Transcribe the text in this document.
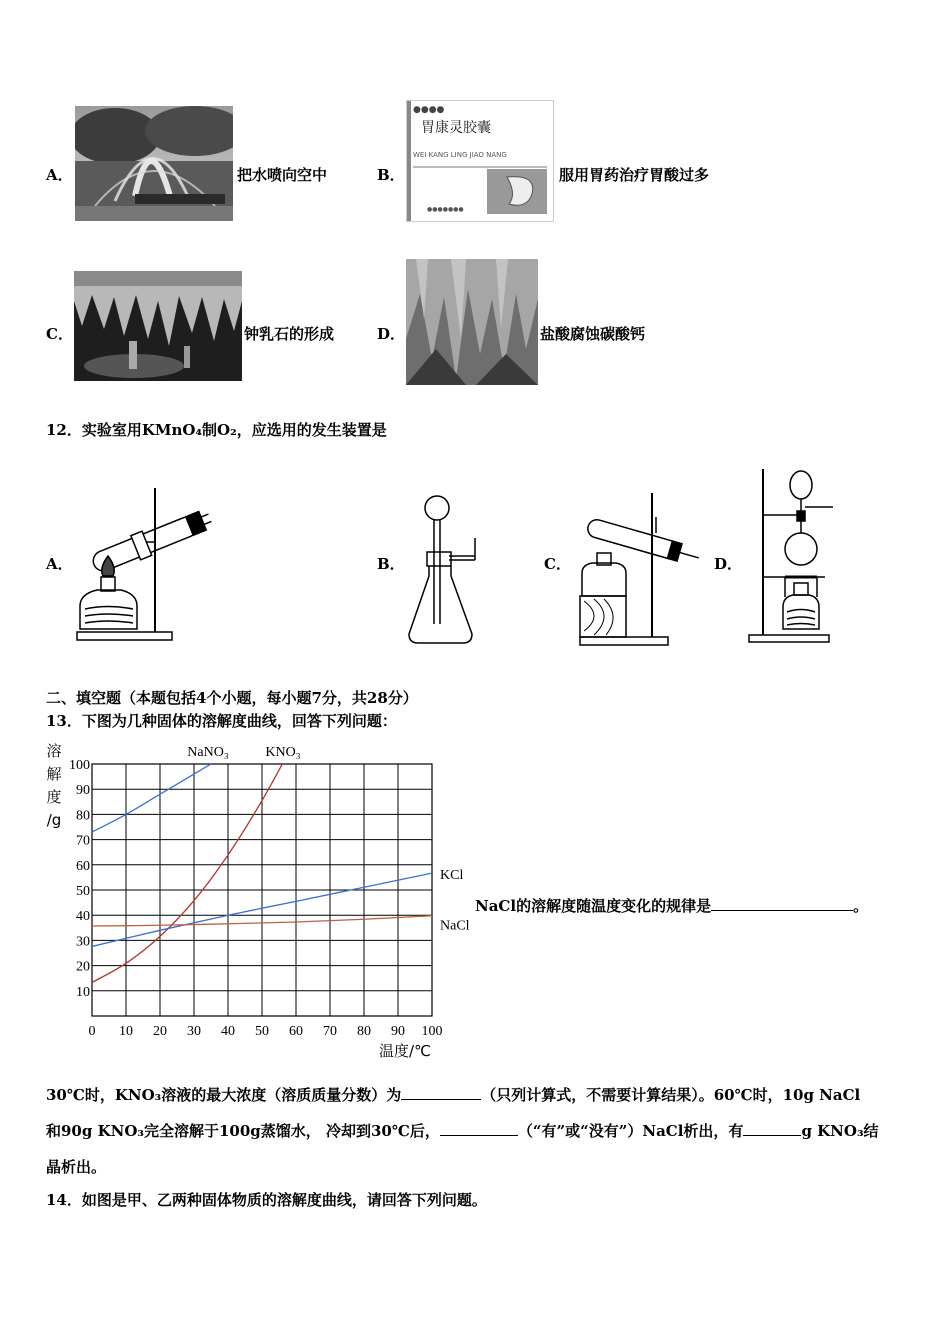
A．	把水喷向空中	B．
●●●●
胃康灵胶囊
WEI KANG LING JIAO NANG
●●●●●●●
服用胃药治疗胃酸过多
C．	钟乳石的形成	D．	盐酸腐蚀碳酸钙
12．实验室用KMnO₄制O₂，应选用的发生装置是
A．	B．	C．	D．
二、填空题（本题包括4个小题，每小题7分，共28分）
13．下图为几种固体的溶解度曲线，回答下列问题：
0 10 20 30 40 50 60 70 80 90 100
10
20
30
40
50
60
70
80
90
100
溶
解
度
/g
温度/℃
NaNO₃	KNO₃
KCl
NaCl
NaCl的溶解度随温度变化的规律是	。
30℃时，KNO₃溶液的最大浓度（溶质质量分数）为	（只列计算式，不需要计算结果）。60℃时，10g NaCl
和90g KNO₃完全溶解于100g蒸馏水， 冷却到30℃后，	（“有”或“没有”）NaCl析出，有	g KNO₃结
晶析出。
14．如图是甲、乙两种固体物质的溶解度曲线，请回答下列问题。
